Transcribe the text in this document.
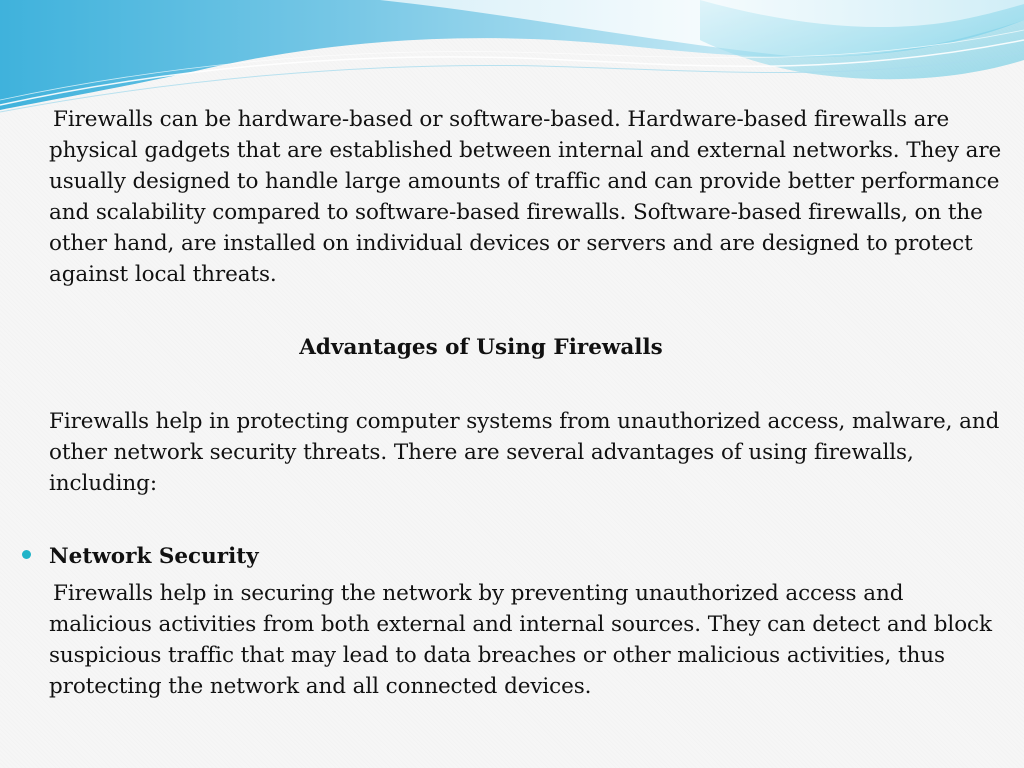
Firewalls can be hardware-based or software-based. Hardware-based firewalls are physical gadgets that are established between internal and external networks. They are usually designed to handle large amounts of traffic and can provide better performance and scalability compared to software-based firewalls. Software-based firewalls, on the other hand, are installed on individual devices or servers and are designed to protect against local threats.

Advantages of Using Firewalls

Firewalls help in protecting computer systems from unauthorized access, malware, and other network security threats. There are several advantages of using firewalls, including:

Network Security

Firewalls help in securing the network by preventing unauthorized access and malicious activities from both external and internal sources. They can detect and block suspicious traffic that may lead to data breaches or other malicious activities, thus protecting the network and all connected devices.
